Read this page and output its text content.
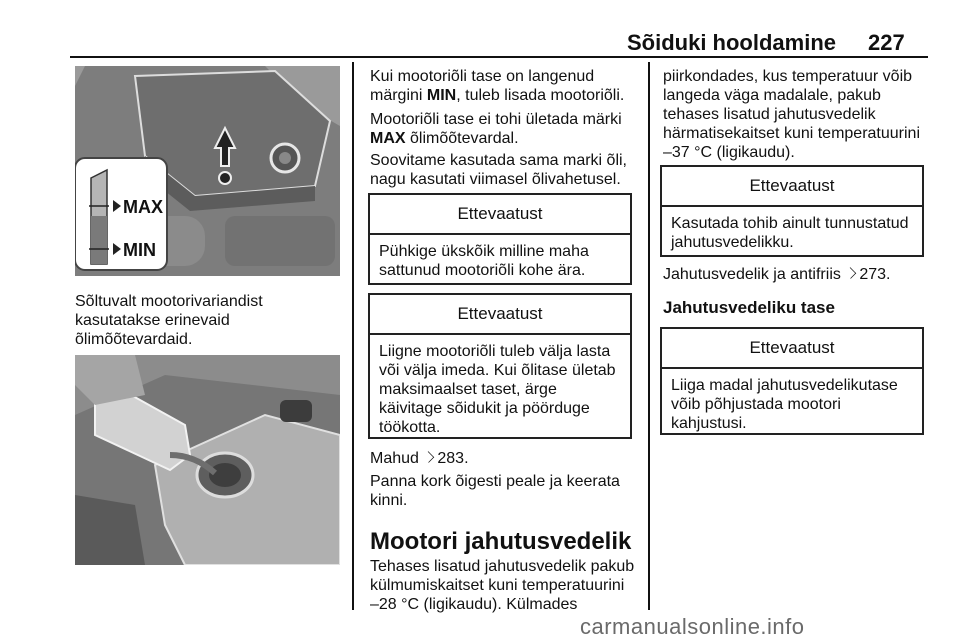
Sõiduki hooldamine 227
MAX
MIN
Sõltuvalt mootorivariandist
kasutatakse erinevaid
õlimõõtevardaid.
Kui mootoriõli tase on langenud
märgini MIN, tuleb lisada mootoriõli.
Mootoriõli tase ei tohi ületada märki
MAX õlimõõtevardal.
Soovitame kasutada sama marki õli,
nagu kasutati viimasel õlivahetusel.
Ettevaatust
Pühkige ükskõik milline maha
sattunud mootoriõli kohe ära.
Ettevaatust
Liigne mootoriõli tuleb välja lasta
või välja imeda. Kui õlitase ületab
maksimaalset taset, ärge
käivitage sõidukit ja pöörduge
töökotta.
Mahud 283.
Panna kork õigesti peale ja keerata
kinni.
Mootori jahutusvedelik
Tehases lisatud jahutusvedelik pakub
külmumiskaitset kuni temperatuurini
–28 °C (ligikaudu). Külmades
piirkondades, kus temperatuur võib
langeda väga madalale, pakub
tehases lisatud jahutusvedelik
härmatisekaitset kuni temperatuurini
–37 °C (ligikaudu).
Ettevaatust
Kasutada tohib ainult tunnustatud
jahutusvedelikku.
Jahutusvedelik ja antifriis 273.
Jahutusvedeliku tase
Ettevaatust
Liiga madal jahutusvedelikutase
võib põhjustada mootori
kahjustusi.
carmanualsonline.info
